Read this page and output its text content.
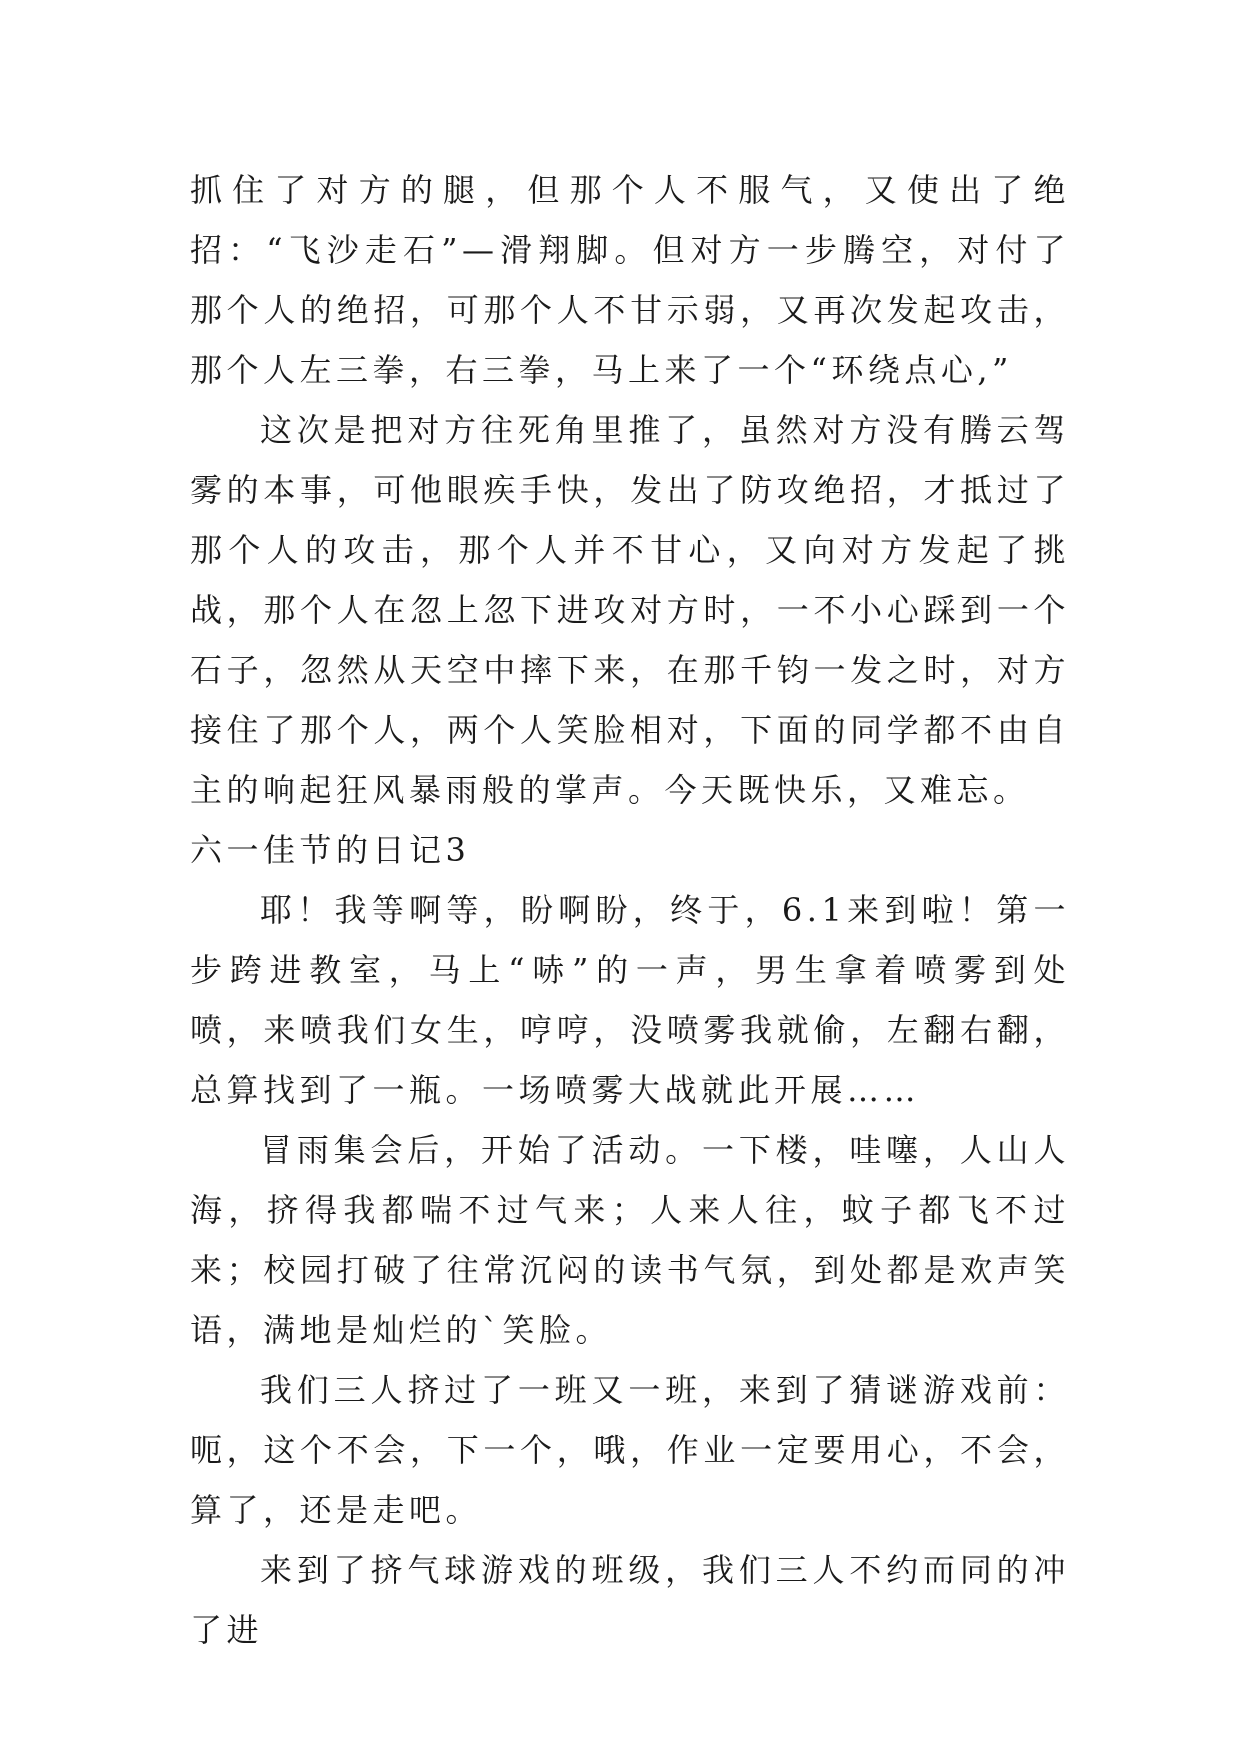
抓住了对方的腿，但那个人不服气，又使出了绝招：“飞沙走石”—滑翔脚。但对方一步腾空，对付了那个人的绝招，可那个人不甘示弱，又再次发起攻击，那个人左三拳，右三拳，马上来了一个“环绕点心,”

这次是把对方往死角里推了，虽然对方没有腾云驾雾的本事，可他眼疾手快，发出了防攻绝招，才抵过了那个人的攻击，那个人并不甘心，又向对方发起了挑战，那个人在忽上忽下进攻对方时，一不小心踩到一个石子，忽然从天空中摔下来，在那千钧一发之时，对方接住了那个人，两个人笑脸相对，下面的同学都不由自主的响起狂风暴雨般的掌声。今天既快乐，又难忘。

六一佳节的日记3

耶！我等啊等，盼啊盼，终于，6.1来到啦！第一步跨进教室，马上“哧”的一声，男生拿着喷雾到处喷，来喷我们女生，哼哼，没喷雾我就偷，左翻右翻，总算找到了一瓶。一场喷雾大战就此开展……

冒雨集会后，开始了活动。一下楼，哇噻，人山人海，挤得我都喘不过气来；人来人往，蚊子都飞不过来；校园打破了往常沉闷的读书气氛，到处都是欢声笑语，满地是灿烂的`笑脸。

我们三人挤过了一班又一班，来到了猜谜游戏前：呃，这个不会，下一个，哦，作业一定要用心，不会，算了，还是走吧。

来到了挤气球游戏的班级，我们三人不约而同的冲了进
